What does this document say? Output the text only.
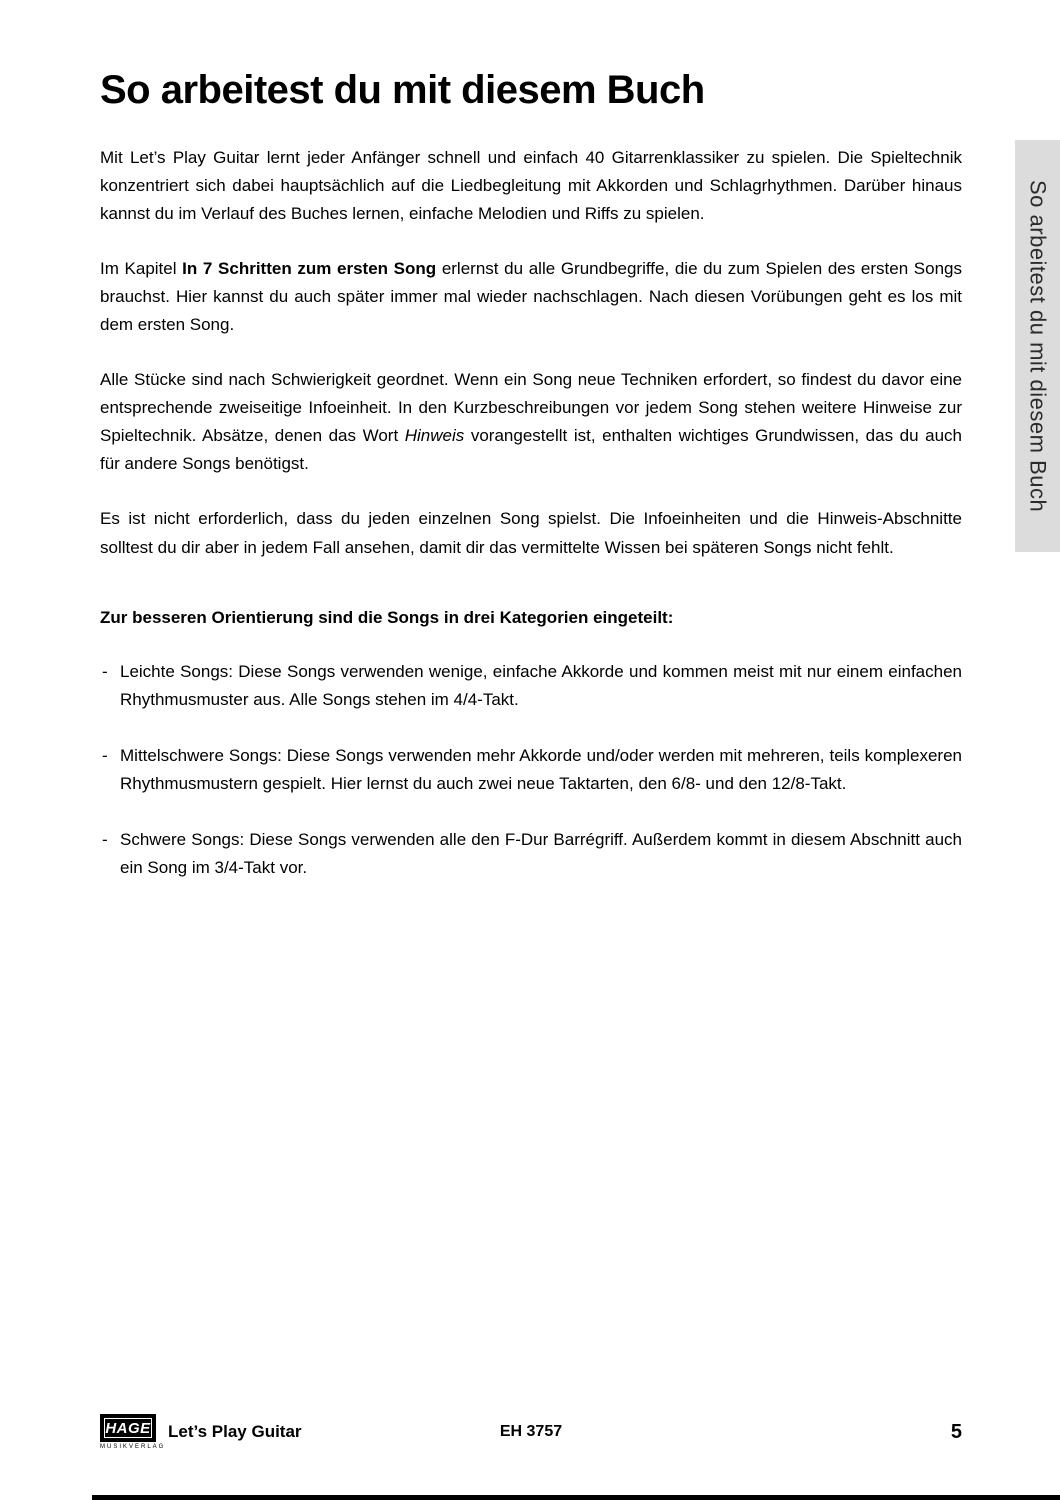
So arbeitest du mit diesem Buch
So arbeitest du mit diesem Buch

Mit Let’s Play Guitar lernt jeder Anfänger schnell und einfach 40 Gitarrenklassiker zu spielen. Die Spieltechnik konzentriert sich dabei hauptsächlich auf die Liedbegleitung mit Akkorden und Schlagrhythmen. Darüber hinaus kannst du im Verlauf des Buches lernen, einfache Melodien und Riffs zu spielen.

Im Kapitel In 7 Schritten zum ersten Song erlernst du alle Grundbegriffe, die du zum Spielen des ersten Songs brauchst. Hier kannst du auch später immer mal wieder nachschlagen. Nach diesen Vorübungen geht es los mit dem ersten Song.

Alle Stücke sind nach Schwierigkeit geordnet. Wenn ein Song neue Techniken erfordert, so findest du davor eine entsprechende zweiseitige Infoeinheit. In den Kurzbeschreibungen vor jedem Song stehen weitere Hinweise zur Spieltechnik. Absätze, denen das Wort Hinweis vorangestellt ist, enthalten wichtiges Grundwissen, das du auch für andere Songs benötigst.

Es ist nicht erforderlich, dass du jeden einzelnen Song spielst. Die Infoeinheiten und die Hinweis-Abschnitte solltest du dir aber in jedem Fall ansehen, damit dir das vermittelte Wissen bei späteren Songs nicht fehlt.

Zur besseren Orientierung sind die Songs in drei Kategorien eingeteilt:
- Leichte Songs: Diese Songs verwenden wenige, einfache Akkorde und kommen meist mit nur einem einfachen Rhythmusmuster aus. Alle Songs stehen im 4/4-Takt.
- Mittelschwere Songs: Diese Songs verwenden mehr Akkorde und/oder werden mit mehreren, teils komplexeren Rhythmusmustern gespielt. Hier lernst du auch zwei neue Taktarten, den 6/8- und den 12/8-Takt.
- Schwere Songs: Diese Songs verwenden alle den F-Dur Barrégriff. Außerdem kommt in diesem Abschnitt auch ein Song im 3/4-Takt vor.
HAGE
MUSIKVERLAG
Let’s Play Guitar	EH 3757	5
